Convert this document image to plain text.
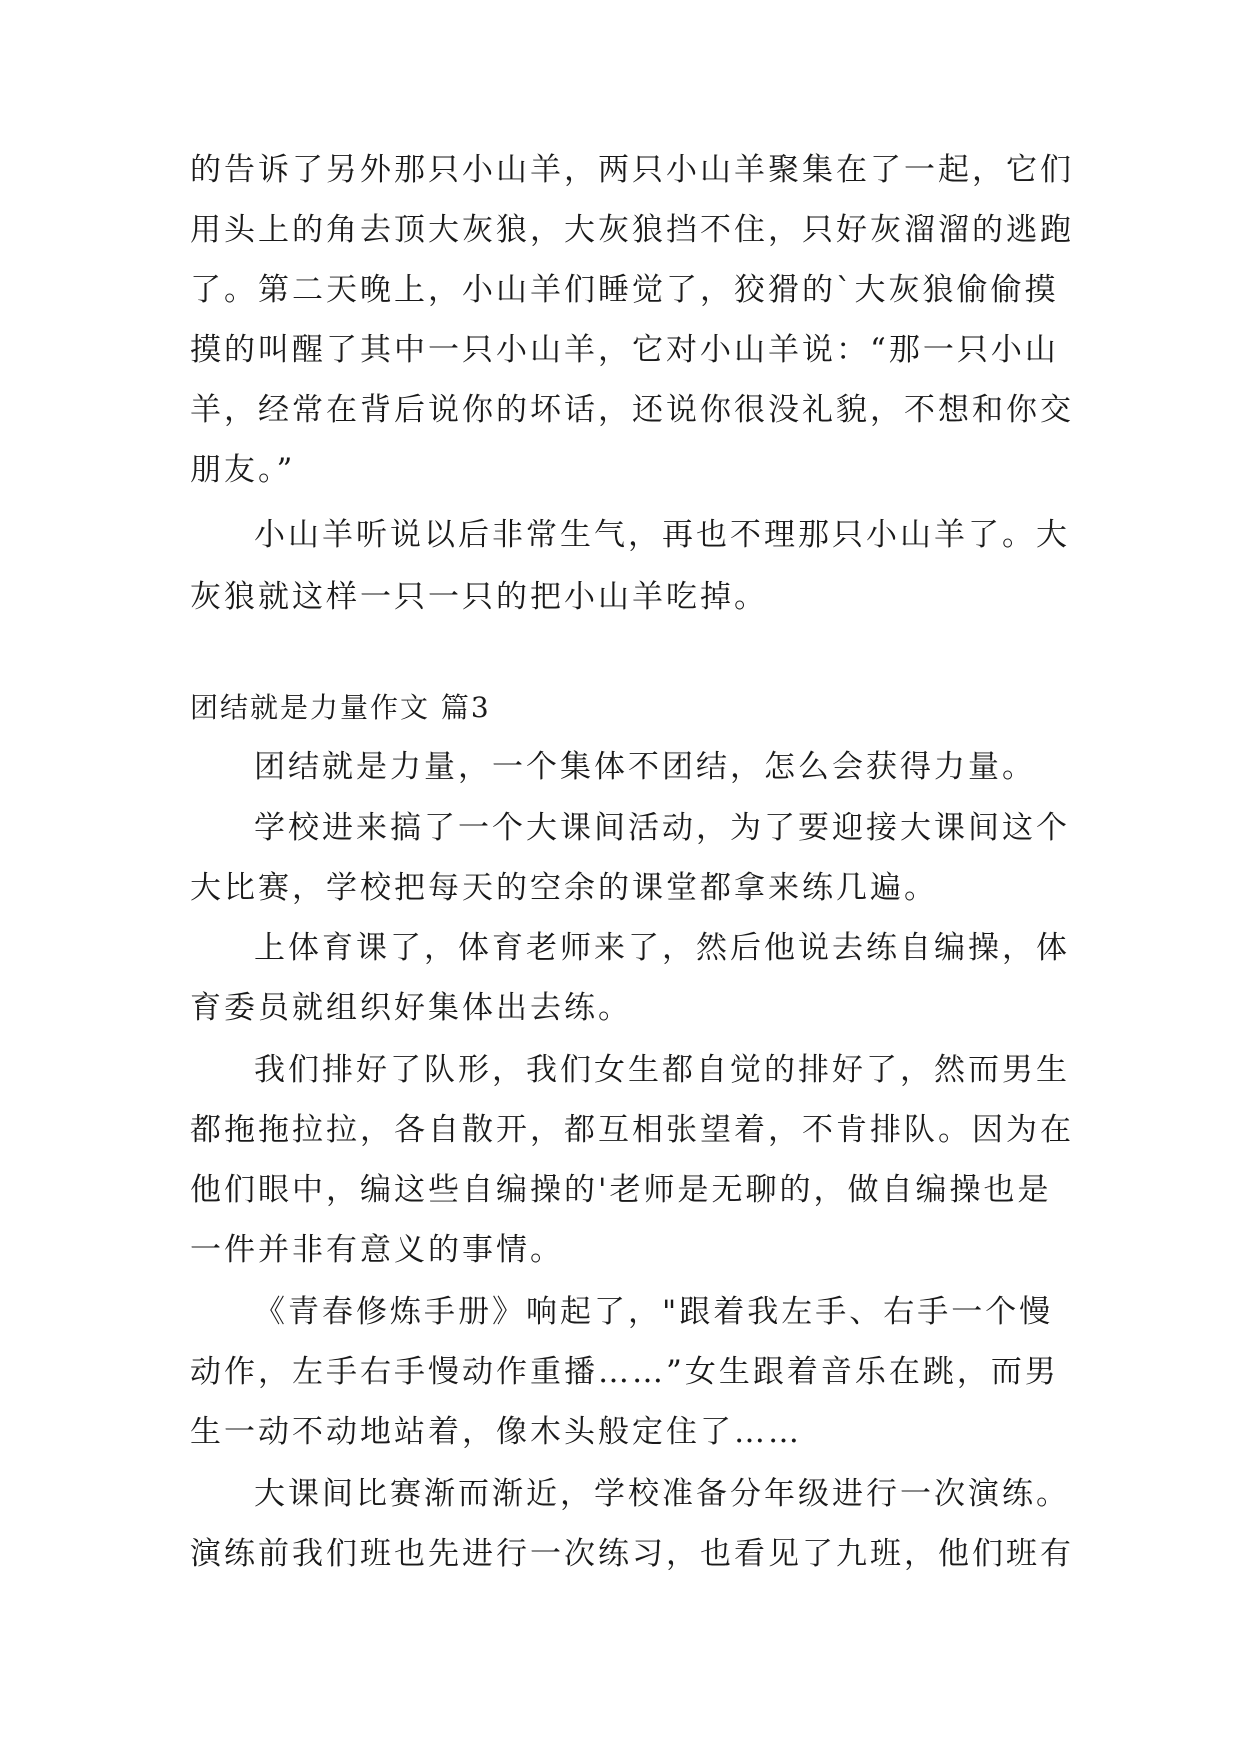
的告诉了另外那只小山羊，两只小山羊聚集在了一起，它们
用头上的角去顶大灰狼，大灰狼挡不住，只好灰溜溜的逃跑
了。第二天晚上，小山羊们睡觉了，狡猾的`大灰狼偷偷摸
摸的叫醒了其中一只小山羊，它对小山羊说：“那一只小山
羊，经常在背后说你的坏话，还说你很没礼貌，不想和你交
朋友。”
小山羊听说以后非常生气，再也不理那只小山羊了。大
灰狼就这样一只一只的把小山羊吃掉。
团结就是力量作文 篇3
团结就是力量，一个集体不团结，怎么会获得力量。
学校进来搞了一个大课间活动，为了要迎接大课间这个
大比赛，学校把每天的空余的课堂都拿来练几遍。
上体育课了，体育老师来了，然后他说去练自编操，体
育委员就组织好集体出去练。
我们排好了队形，我们女生都自觉的排好了，然而男生
都拖拖拉拉，各自散开，都互相张望着，不肯排队。因为在
他们眼中，编这些自编操的'老师是无聊的，做自编操也是
一件并非有意义的事情。
《青春修炼手册》响起了，"跟着我左手、右手一个慢
动作，左手右手慢动作重播……”女生跟着音乐在跳，而男
生一动不动地站着，像木头般定住了……
大课间比赛渐而渐近，学校准备分年级进行一次演练。
演练前我们班也先进行一次练习，也看见了九班，他们班有
